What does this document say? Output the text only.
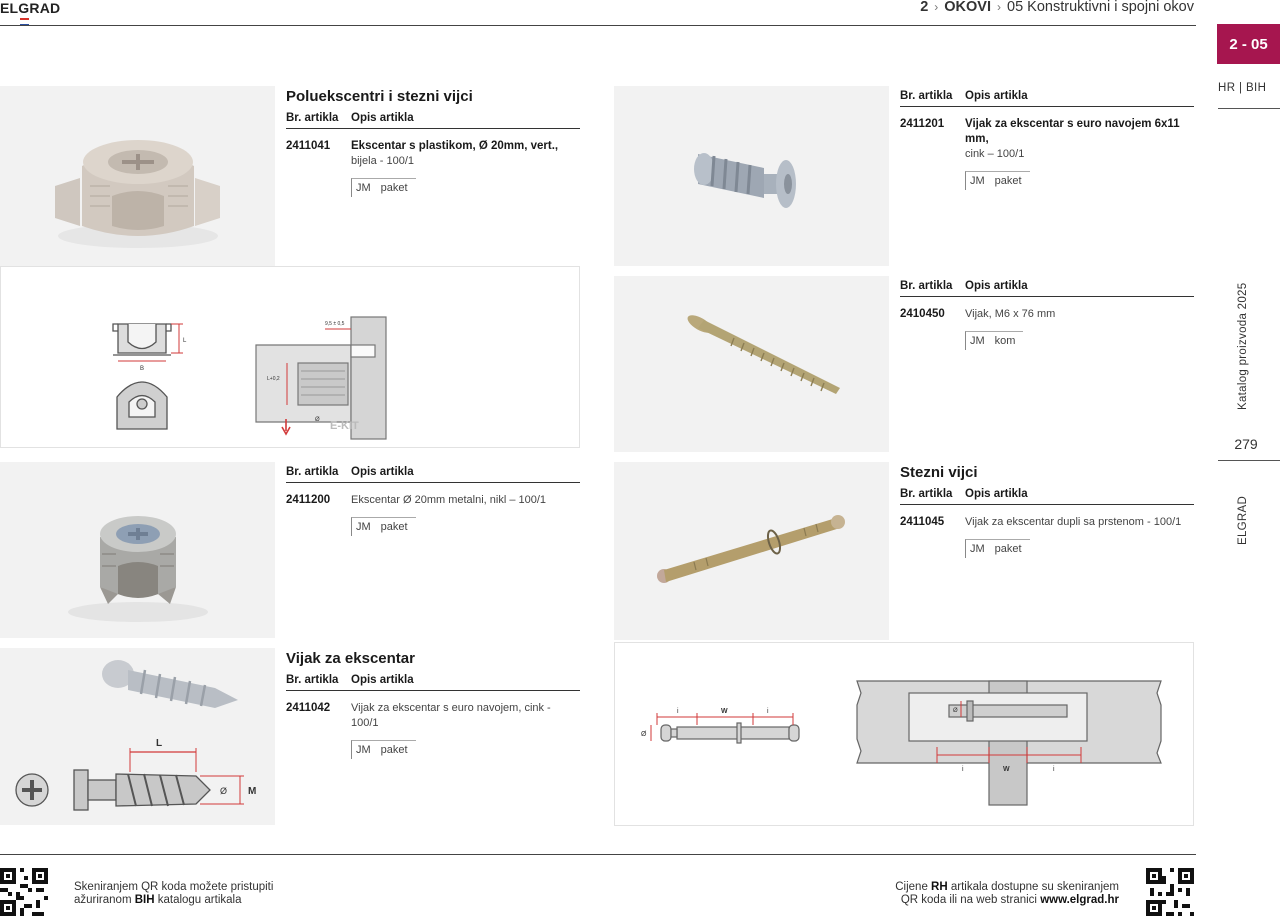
ELGRAD	2 › OKOVI › 05 Konstruktivni i spojni okov
2 - 05
HR | BIH
Katalog proizvoda 2025
279
ELGRAD
Poluekscentri i stezni vijci
Br. artikla	Opis artikla
2411041	Ekscentar s plastikom, Ø 20mm, vert.,
bijela - 100/1
JM paket
L
B
9,5 ± 0,5
L+0,2
Ø E-KIT
Br. artikla	Opis artikla
2411200	Ekscentar Ø 20mm metalni, nikl – 100/1
JM paket
L
Ø M
Vijak za ekscentar
Br. artikla	Opis artikla
2411042	Vijak za ekscentar s euro navojem, cink - 100/1
JM paket
Br. artikla	Opis artikla
2411201	Vijak za ekscentar s euro navojem 6x11 mm,
cink – 100/1
JM paket
Br. artikla	Opis artikla
2410450	Vijak, M6 x 76 mm
JM kom
Stezni vijci
Br. artikla	Opis artikla
2411045	Vijak za ekscentar dupli sa prstenom - 100/1
JM paket
i	W	i
Ø
i	W	i
Ø
Skeniranjem QR koda možete pristupiti
ažuriranom BIH katalogu artikala
Cijene RH artikala dostupne su skeniranjem
QR koda ili na web stranici www.elgrad.hr
